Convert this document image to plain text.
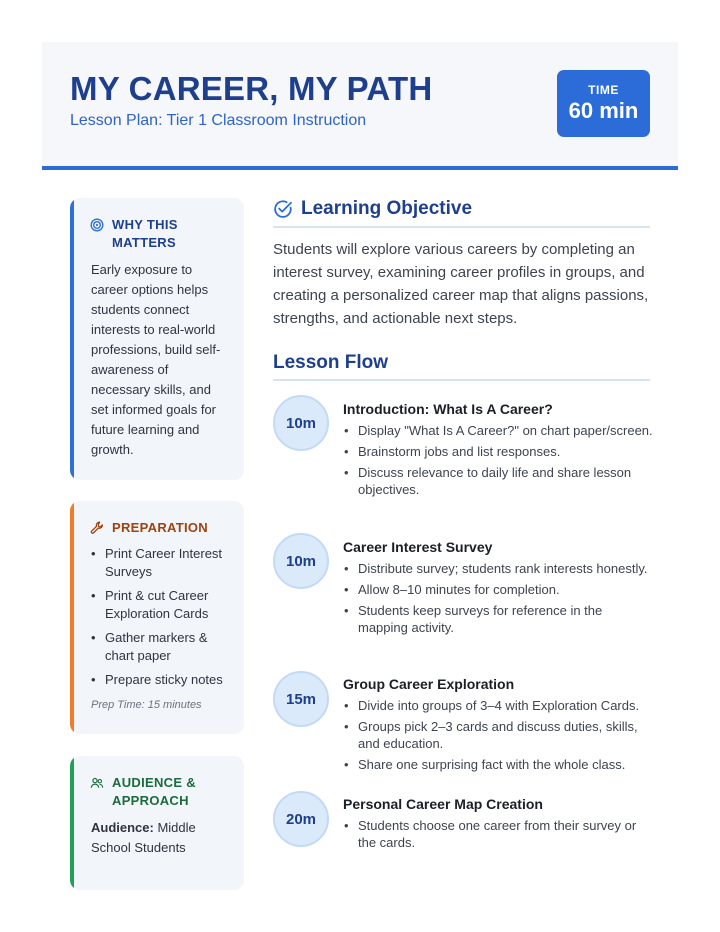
MY CAREER, MY PATH
Lesson Plan: Tier 1 Classroom Instruction
TIME
60 min
WHY THIS MATTERS
Early exposure to career options helps students connect interests to real-world professions, build self-awareness of necessary skills, and set informed goals for future learning and growth.
PREPARATION
• Print Career Interest Surveys
• Print & cut Career Exploration Cards
• Gather markers & chart paper
• Prepare sticky notes
Prep Time: 15 minutes
AUDIENCE & APPROACH
Audience: Middle School Students
Learning Objective
Students will explore various careers by completing an interest survey, examining career profiles in groups, and creating a personalized career map that aligns passions, strengths, and actionable next steps.
Lesson Flow
10m
Introduction: What Is A Career?
• Display "What Is A Career?" on chart paper/screen.
• Brainstorm jobs and list responses.
• Discuss relevance to daily life and share lesson objectives.
10m
Career Interest Survey
• Distribute survey; students rank interests honestly.
• Allow 8–10 minutes for completion.
• Students keep surveys for reference in the mapping activity.
15m
Group Career Exploration
• Divide into groups of 3–4 with Exploration Cards.
• Groups pick 2–3 cards and discuss duties, skills, and education.
• Share one surprising fact with the whole class.
20m
Personal Career Map Creation
• Students choose one career from their survey or the cards.
